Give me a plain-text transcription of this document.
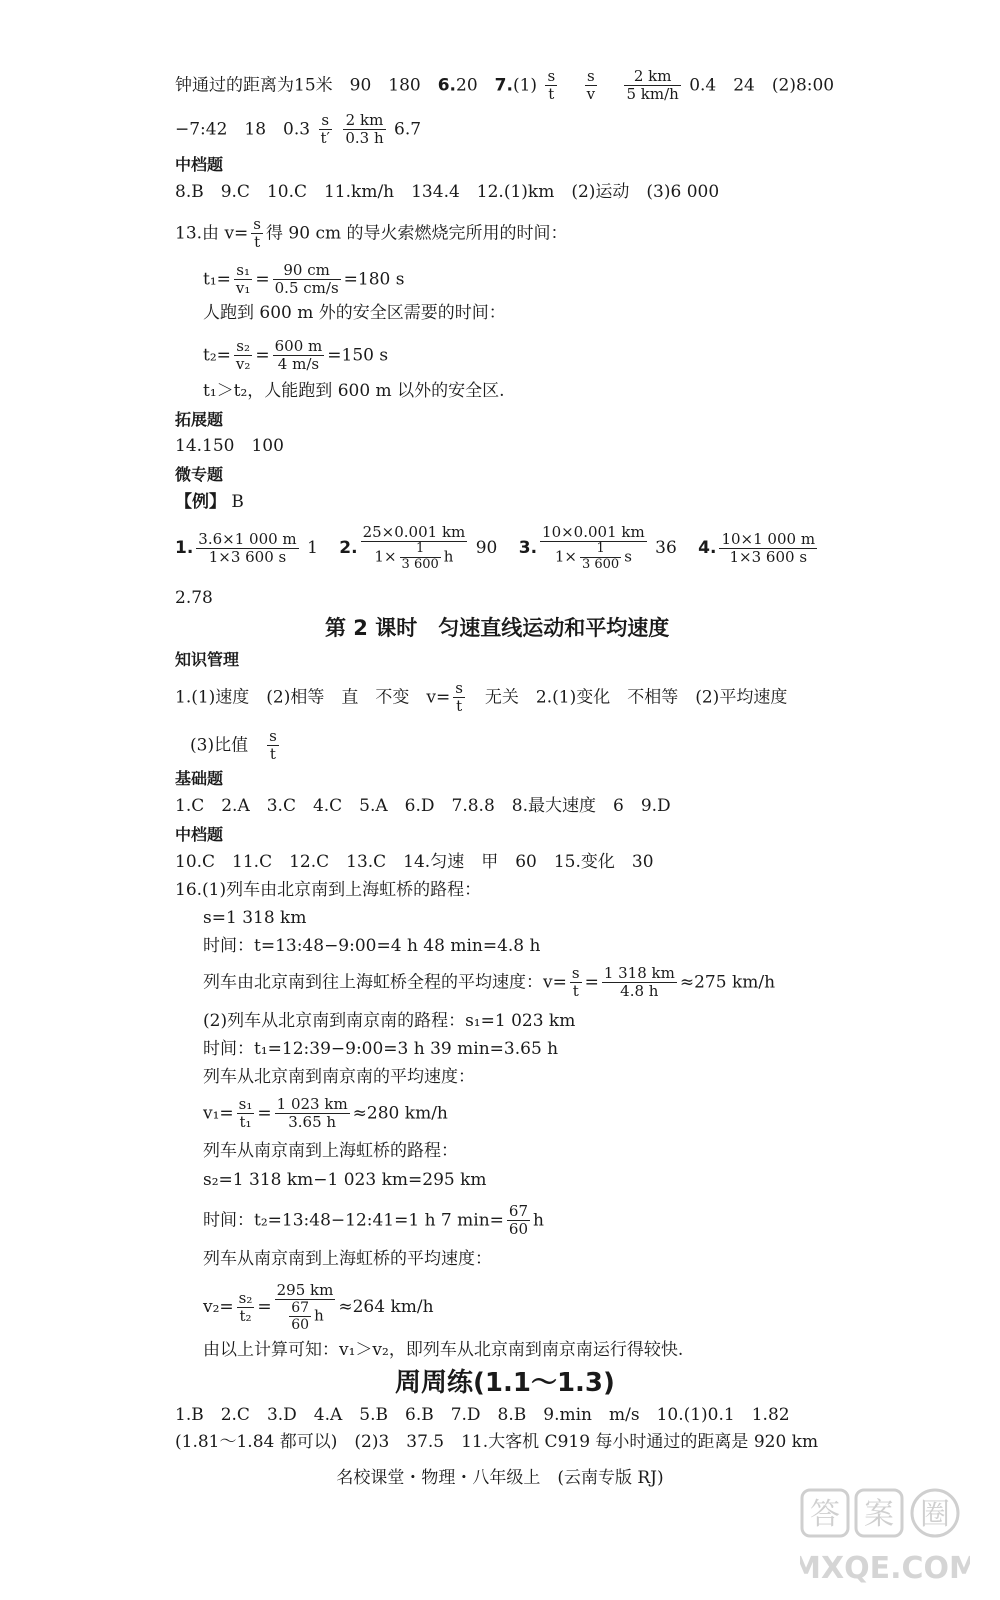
钟通过的距离为15米　90　180　6.20　$7.(1) \frac{s}{t}$
$\frac{s}{v}$
$\frac{2 km}{5 km/h} 0.4$　24　(2)8:00
−7:42　18　$0.3 \frac{s}{t'}$
$\frac{2 km}{0.3 h} 6.7$
中档题
8.B　9.C　10.C　11.km/h　134.4　12.(1)km　(2)运动　(3)6 000
13.由 $v= \frac{s}{t}$ 得 90 cm 的导火索燃烧完所用的时间：
$t_1= \frac{\text{s₁}}{\text{v₁}} = \frac{90 cm}{0.5 cm/s} =180$ s
人跑到 600 m 外的安全区需要的时间：
$t_2= \frac{\text{s₂}}{\text{v₂}} = \frac{600 m}{4 m/s} =150$ s
t₁＞t₂，人能跑到 600 m 以外的安全区.
拓展题
14.150　100
微专题
【例】 B
1. $\frac{3.6\times 1 000 m}{1\times 3 600 s} 1$ 2. $\frac{25\times 0.001 km}{1\times \frac{1}{3 600} h} 90$ 3. $\frac{10\times 0.001 km}{1\times \frac{1}{3 600} s} 36$ 4. $\frac{10\times 1 000 m}{1\times 3 600 s}$
2.78
第 2 课时　匀速直线运动和平均速度
知识管理
1.(1)速度　(2)相等　直　不变　$v= \frac{s}{t}$ 　无关　2.(1)变化　不相等　(2)平均速度
(3)比值 $\frac{s}{t}$
基础题
1.C　2.A　3.C　4.C　5.A　6.D　7.8.8　8.最大速度　6　9.D
中档题
10.C　11.C　12.C　13.C　14.匀速　甲　60　15.变化　30
16.(1)列车由北京南到上海虹桥的路程：
s=1 318 km
时间：t=13:48−9:00=4 h 48 min=4.8 h
列车由北京南到往上海虹桥全程的平均速度：$v= \frac{s}{t} = \frac{1 318 km}{4.8 h} \approx 275$ km/h
(2)列车从北京南到南京南的路程：s₁=1 023 km
时间：t₁=12:39−9:00=3 h 39 min=3.65 h
列车从北京南到南京南的平均速度：
$v_1= \frac{\text{s₁}}{\text{t₁}} = \frac{1 023 km}{3.65 h} \approx 280$ km/h
列车从南京南到上海虹桥的路程：
s₂=1 318 km−1 023 km=295 km
时间：t₂=13:48−12:41=1 h 7 $\min= \frac{67}{60}$ h
列车从南京南到上海虹桥的平均速度：
$v_2= \frac{\text{s₂}}{\text{t₂}} = \frac{295 km}{\frac{67}{60} h} \approx 264$ km/h
由以上计算可知：v₁＞v₂，即列车从北京南到南京南运行得较快.
周周练(1.1～1.3)
1.B　2.C　3.D　4.A　5.B　6.B　7.D　8.B　9.min　m/s　10.(1)0.1　1.82
(1.81～1.84 都可以)　(2)3　37.5　11.大客机 C919 每小时通过的距离是 920 km
名校课堂・物理・八年级上　(云南专版 RJ)
答 案 圈
MXQE.COM
